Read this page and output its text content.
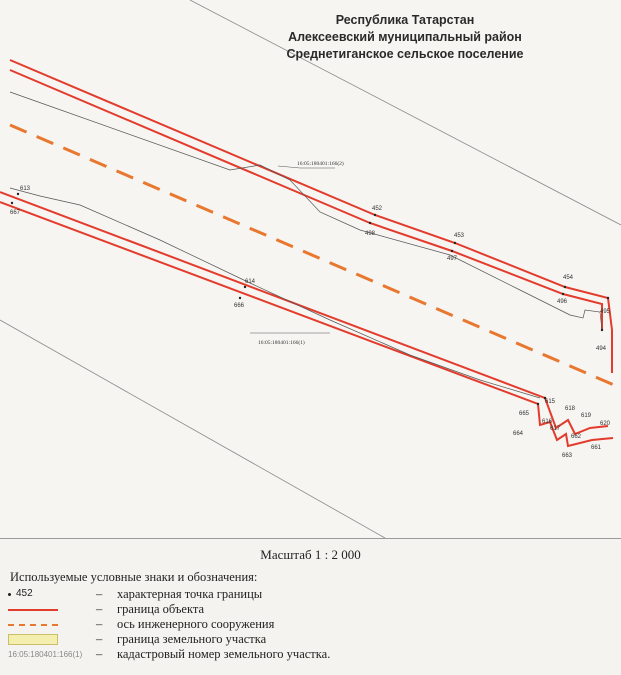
452
453
454
495
494
498
497
496
613
667
614
666
615
665
664
616
617
618
619
620
662
663
661
16:05:180401:166(2)
16:05:180401:166(1)
Республика Татарстан
Алексеевский муниципальный район
Среднетиганское сельское поселение
Масштаб 1 : 2 000
Используемые условные знаки и обозначения:
452	– характерная точка границы
– граница объекта
– ось инженерного сооружения
– граница земельного участка
16:05:180401:166(1) – кадастровый номер земельного участка.
